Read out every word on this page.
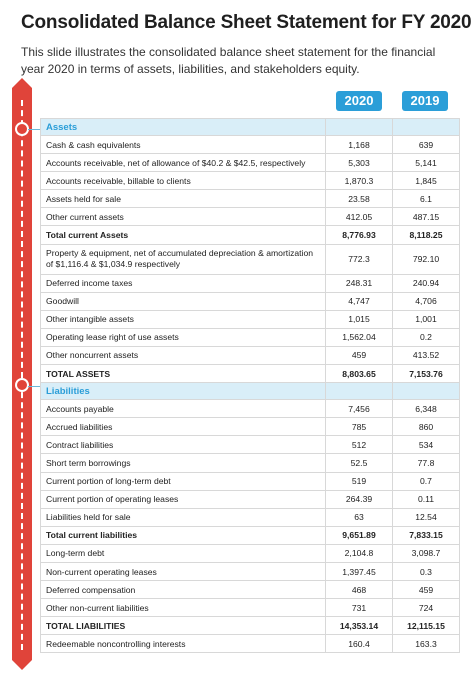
Consolidated Balance Sheet Statement for FY 2020
This slide illustrates the consolidated balance sheet statement for the financial year 2020 in terms of assets, liabilities, and stakeholders equity.
2020	2019
Assets		
Cash & cash equivalents	1,168	639
Accounts receivable, net of allowance of $40.2 & $42.5, respectively	5,303	5,141
Accounts receivable, billable to clients	1,870.3	1,845
Assets held for sale	23.58	6.1
Other current assets	412.05	487.15
Total current Assets	8,776.93	8,118.25
Property & equipment, net of accumulated depreciation & amortization of $1,116.4 & $1,034.9 respectively	772.3	792.10
Deferred income taxes	248.31	240.94
Goodwill	4,747	4,706
Other intangible assets	1,015	1,001
Operating lease right of use assets	1,562.04	0.2
Other noncurrent assets	459	413.52
TOTAL ASSETS	8,803.65	7,153.76
Liabilities		
Accounts payable	7,456	6,348
Accrued liabilities	785	860
Contract liabilities	512	534
Short term borrowings	52.5	77.8
Current portion of long-term debt	519	0.7
Current portion of operating leases	264.39	0.11
Liabilities held for sale	63	12.54
Total current liabilities	9,651.89	7,833.15
Long-term debt	2,104.8	3,098.7
Non-current operating leases	1,397.45	0.3
Deferred compensation	468	459
Other non-current liabilities	731	724
TOTAL LIABILITIES	14,353.14	12,115.15
Redeemable noncontrolling interests	160.4	163.3
